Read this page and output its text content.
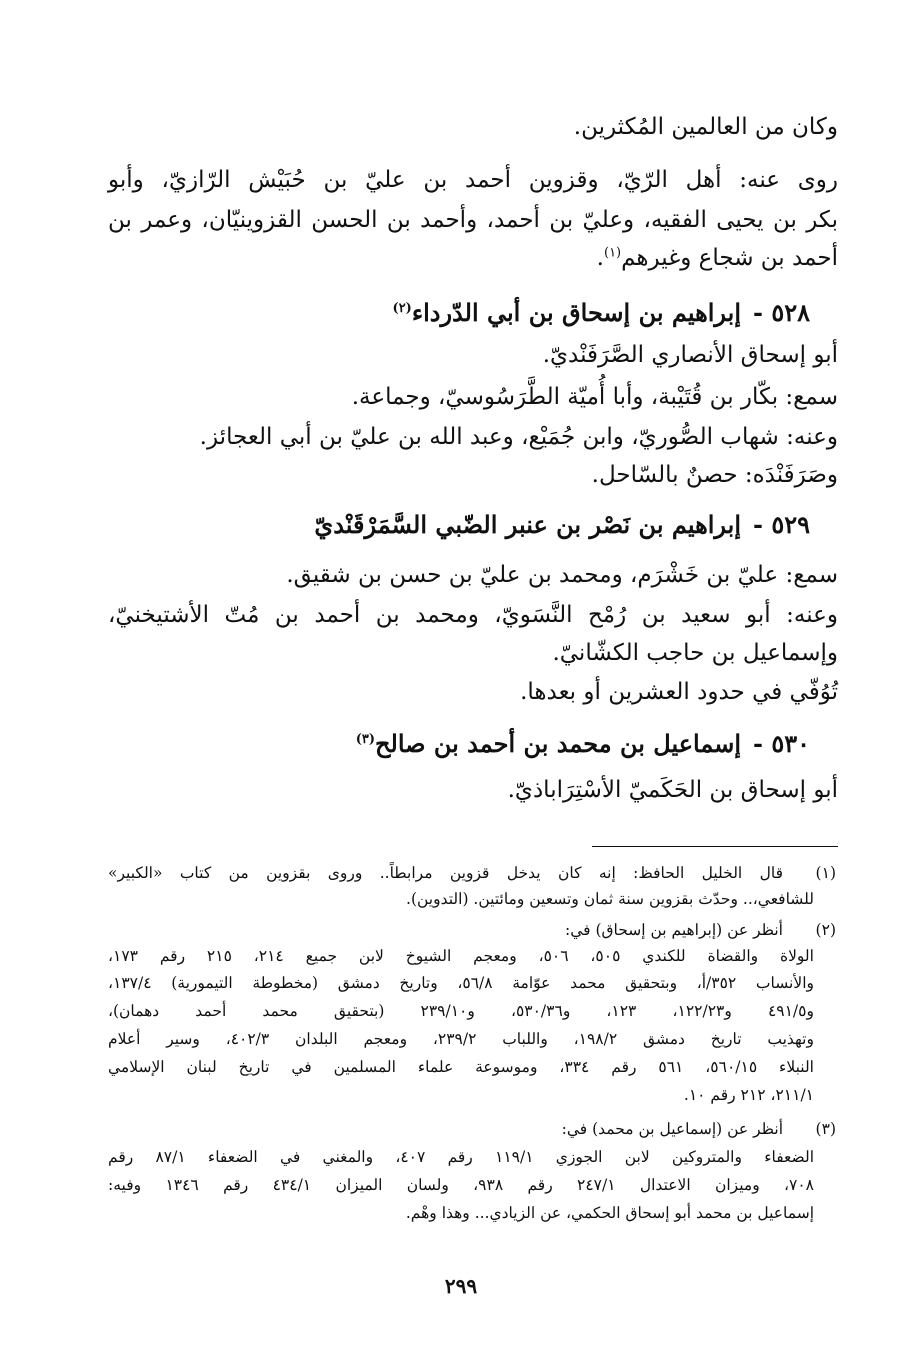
وكان من العالمين المُكثرين.
روى عنه: أهل الرّيّ، وقزوين أحمد بن عليّ بن حُبَيْش الرّازيّ، وأبو
بكر بن يحيى الفقيه، وعليّ بن أحمد، وأحمد بن الحسن القزوينيّان، وعمر بن
أحمد بن شجاع وغيرهم$^{(١)}$.
٥٢٨ -إبراهيم بن إسحاق بن أبي الدّرداء$^{(٢)}$
أبو إسحاق الأنصاري الصَّرَفَنْديّ.
سمع: بكّار بن قُتَيْبة، وأبا أُميّة الطَّرَسُوسيّ، وجماعة.
وعنه: شهاب الصُّوريّ، وابن جُمَيْع، وعبد الله بن عليّ بن أبي العجائز.
وصَرَفَنْدَه: حصنٌ بالسّاحل.
٥٢٩ -إبراهيم بن نَصْر بن عنبر الضّبي السَّمَرْقَنْديّ
سمع: عليّ بن خَشْرَم، ومحمد بن عليّ بن حسن بن شقيق.
وعنه: أبو سعيد بن رُمْح النَّسَويّ، ومحمد بن أحمد بن مُتّ الأشتيخنيّ،
وإسماعيل بن حاجب الكشّانيّ.
تُوُفّي في حدود العشرين أو بعدها.
٥٣٠ -إسماعيل بن محمد بن أحمد بن صالح$^{(٣)}$
أبو إسحاق بن الحَكَميّ الأسْتِرَاباذيّ.
(١)
قال الخليل الحافظ: إنه كان يدخل قزوين مرابطاً.. وروى بقزوين من كتاب «الكبير»
للشافعي،.. وحدّث بقزوين سنة ثمان وتسعين ومائتين. (التدوين).
(٢)
أنظر عن (إبراهيم بن إسحاق) في:
الولاة والقضاة للكندي ٥٠٥، ٥٠٦، ومعجم الشيوخ لابن جميع ٢١٤، ٢١٥ رقم ١٧٣،
والأنساب ٣٥٢/أ، وبتحقيق محمد عوّامة ٥٦/٨، وتاريخ دمشق (مخطوطة التيمورية) ١٣٧/٤،
و٤٩١/٥ و١٢٢/٢٣، ١٢٣، و٥٣٠/٣٦، و٢٣٩/١٠ (بتحقيق محمد أحمد دهمان)،
وتهذيب تاريخ دمشق ١٩٨/٢، واللباب ٢٣٩/٢، ومعجم البلدان ٤٠٢/٣، وسير أعلام
النبلاء ٥٦٠/١٥، ٥٦١ رقم ٣٣٤، وموسوعة علماء المسلمين في تاريخ لبنان الإسلامي
٢١١/١، ٢١٢ رقم ١٠.
(٣)
أنظر عن (إسماعيل بن محمد) في:
الضعفاء والمتروكين لابن الجوزي ١١٩/١ رقم ٤٠٧، والمغني في الضعفاء ٨٧/١ رقم
٧٠٨، وميزان الاعتدال ٢٤٧/١ رقم ٩٣٨، ولسان الميزان ٤٣٤/١ رقم ١٣٤٦ وفيه:
إسماعيل بن محمد أبو إسحاق الحكمي، عن الزيادي... وهذا وهْم.
٢٩٩
